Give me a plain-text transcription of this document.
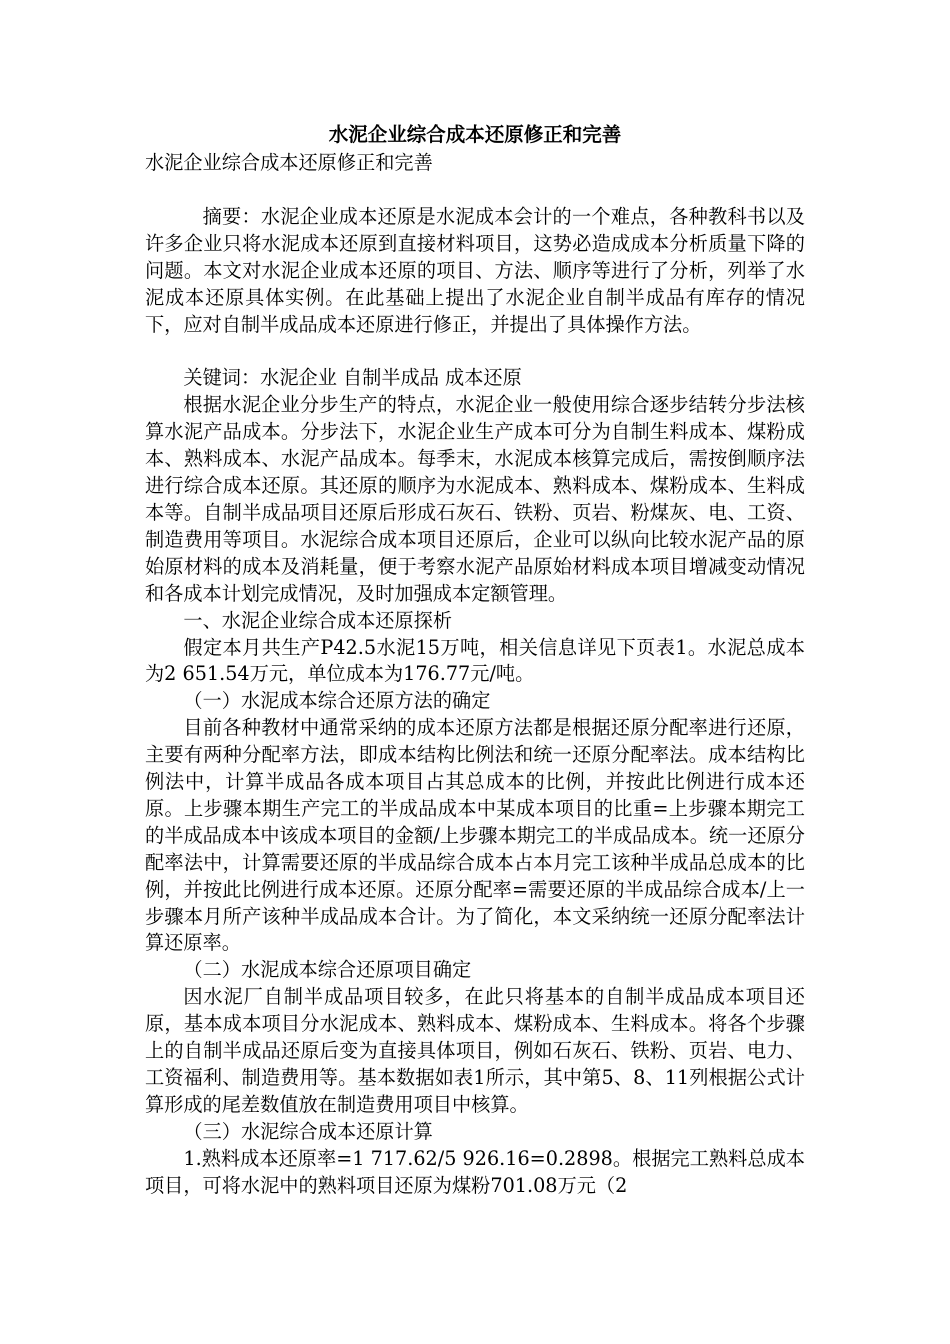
水泥企业综合成本还原修正和完善

水泥企业综合成本还原修正和完善

摘要：水泥企业成本还原是水泥成本会计的一个难点，各种教科书以及许多企业只将水泥成本还原到直接材料项目，这势必造成成本分析质量下降的问题。本文对水泥企业成本还原的项目、方法、顺序等进行了分析，列举了水泥成本还原具体实例。在此基础上提出了水泥企业自制半成品有库存的情况下，应对自制半成品成本还原进行修正，并提出了具体操作方法。

关键词：水泥企业 自制半成品 成本还原

根据水泥企业分步生产的特点，水泥企业一般使用综合逐步结转分步法核算水泥产品成本。分步法下，水泥企业生产成本可分为自制生料成本、煤粉成本、熟料成本、水泥产品成本。每季末，水泥成本核算完成后，需按倒顺序法进行综合成本还原。其还原的顺序为水泥成本、熟料成本、煤粉成本、生料成本等。自制半成品项目还原后形成石灰石、铁粉、页岩、粉煤灰、电、工资、制造费用等项目。水泥综合成本项目还原后，企业可以纵向比较水泥产品的原始原材料的成本及消耗量，便于考察水泥产品原始材料成本项目增减变动情况和各成本计划完成情况，及时加强成本定额管理。

一、水泥企业综合成本还原探析

假定本月共生产P42.5水泥15万吨，相关信息详见下页表1。水泥总成本为2 651.54万元，单位成本为176.77元/吨。

（一）水泥成本综合还原方法的确定

目前各种教材中通常采纳的成本还原方法都是根据还原分配率进行还原，主要有两种分配率方法，即成本结构比例法和统一还原分配率法。成本结构比例法中，计算半成品各成本项目占其总成本的比例，并按此比例进行成本还原。上步骤本期生产完工的半成品成本中某成本项目的比重=上步骤本期完工的半成品成本中该成本项目的金额/上步骤本期完工的半成品成本。统一还原分配率法中，计算需要还原的半成品综合成本占本月完工该种半成品总成本的比例，并按此比例进行成本还原。还原分配率=需要还原的半成品综合成本/上一步骤本月所产该种半成品成本合计。为了简化，本文采纳统一还原分配率法计算还原率。

（二）水泥成本综合还原项目确定

因水泥厂自制半成品项目较多，在此只将基本的自制半成品成本项目还原，基本成本项目分水泥成本、熟料成本、煤粉成本、生料成本。将各个步骤上的自制半成品还原后变为直接具体项目，例如石灰石、铁粉、页岩、电力、工资福利、制造费用等。基本数据如表1所示，其中第5、8、11列根据公式计算形成的尾差数值放在制造费用项目中核算。

（三）水泥综合成本还原计算

1.熟料成本还原率=1 717.62/5 926.16=0.2898。根据完工熟料总成本项目，可将水泥中的熟料项目还原为煤粉701.08万元（2
